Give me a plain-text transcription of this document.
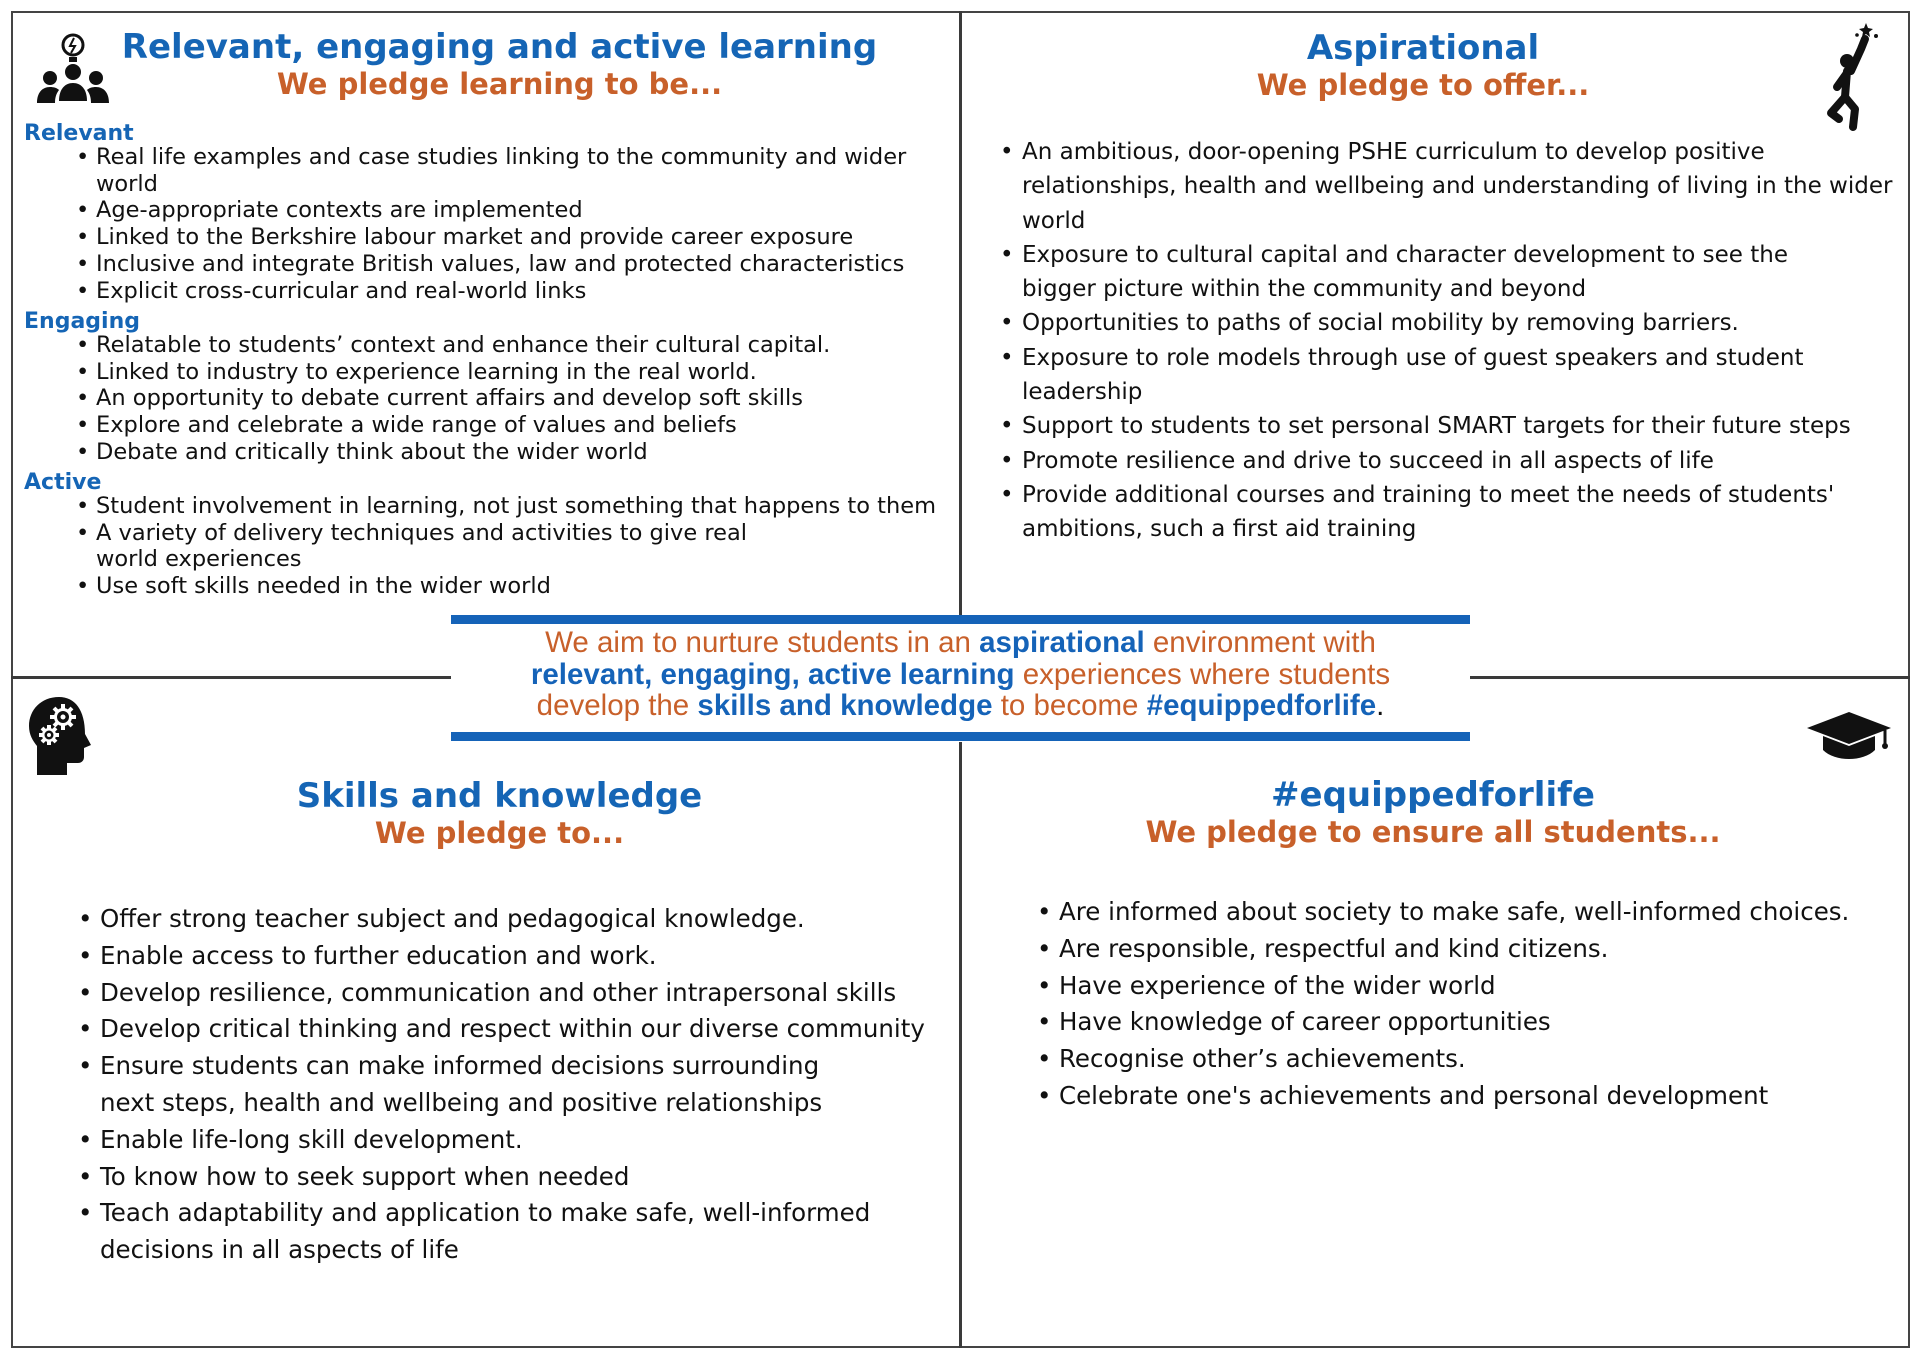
Relevant, engaging and active learning
We pledge learning to be...
Relevant
• Real life examples and case studies linking to the community and wider world
• Age-appropriate contexts are implemented
• Linked to the Berkshire labour market and provide career exposure
• Inclusive and integrate British values, law and protected characteristics
• Explicit cross-curricular and real-world links
Engaging
• Relatable to students’ context and enhance their cultural capital.
• Linked to industry to experience learning in the real world.
• An opportunity to debate current affairs and develop soft skills
• Explore and celebrate a wide range of values and beliefs
• Debate and critically think about the wider world
Active
• Student involvement in learning, not just something that happens to them
• A variety of delivery techniques and activities to give real world experiences
• Use soft skills needed in the wider world
Aspirational
We pledge to offer...
• An ambitious, door-opening PSHE curriculum to develop positive relationships, health and wellbeing and understanding of living in the wider world
• Exposure to cultural capital and character development to see the bigger picture within the community and beyond
• Opportunities to paths of social mobility by removing barriers.
• Exposure to role models through use of guest speakers and student leadership
• Support to students to set personal SMART targets for their future steps
• Promote resilience and drive to succeed in all aspects of life
• Provide additional courses and training to meet the needs of students' ambitions, such a first aid training
Skills and knowledge
We pledge to...
• Offer strong teacher subject and pedagogical knowledge.
• Enable access to further education and work.
• Develop resilience, communication and other intrapersonal skills
• Develop critical thinking and respect within our diverse community
• Ensure students can make informed decisions surrounding next steps, health and wellbeing and positive relationships
• Enable life-long skill development.
• To know how to seek support when needed
• Teach adaptability and application to make safe, well-informed decisions in all aspects of life
#equippedforlife
We pledge to ensure all students...
• Are informed about society to make safe, well-informed choices.
• Are responsible, respectful and kind citizens.
• Have experience of the wider world
• Have knowledge of career opportunities
• Recognise other’s achievements.
• Celebrate one's achievements and personal development
We aim to nurture students in an aspirational environment with
relevant, engaging, active learning experiences where students
develop the skills and knowledge to become #equippedforlife.
